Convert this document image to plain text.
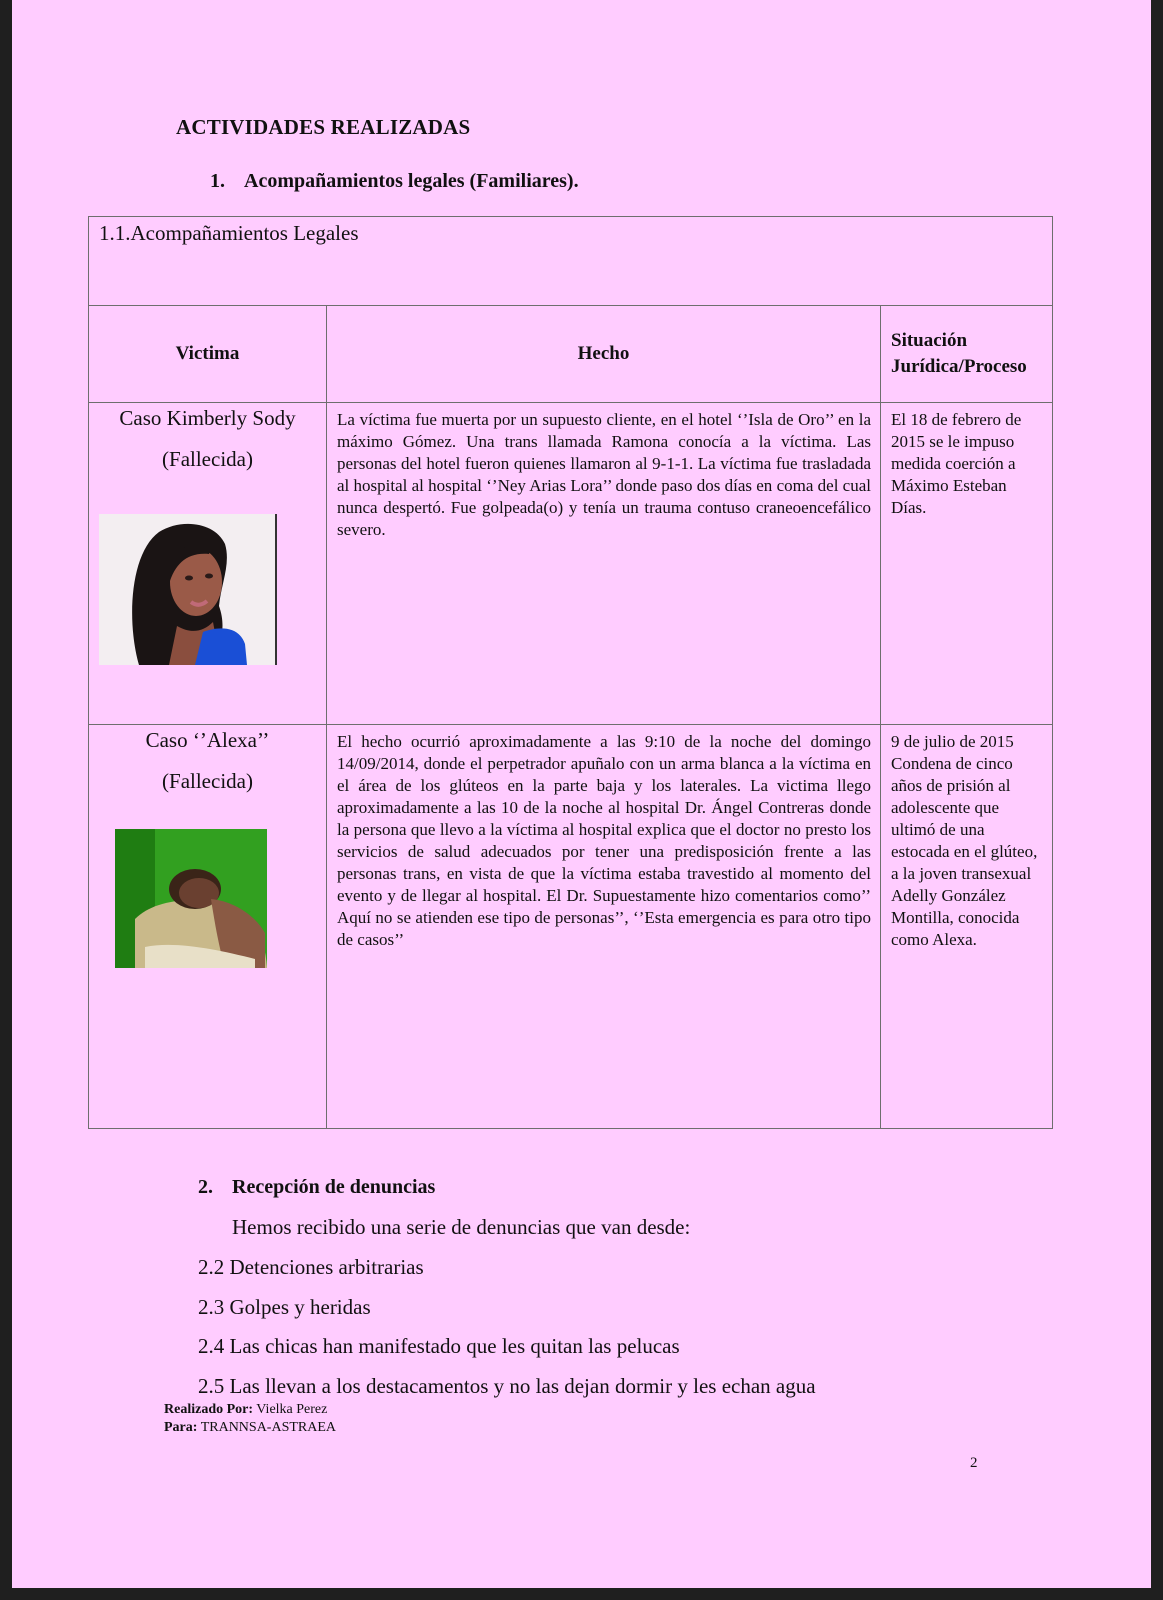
ACTIVIDADES REALIZADAS
1. Acompañamientos legales (Familiares).
1.1.Acompañamientos Legales		
Victima	Hecho	Situación Jurídica/Proceso

Caso Kimberly Sody
(Fallecida)	La víctima fue muerta por un supuesto cliente, en el hotel ‘’Isla de Oro’’ en la máximo Gómez. Una trans llamada Ramona conocía a la víctima. Las personas del hotel fueron quienes llamaron al 9-1-1. La víctima fue trasladada al hospital al hospital ‘’Ney Arias Lora’’ donde paso dos días en coma del cual nunca despertó. Fue golpeada(o) y tenía un trauma contuso craneoencefálico severo.	El 18 de febrero de 2015 se le impuso medida coerción a Máximo Esteban Días.

Caso ‘’Alexa’’
(Fallecida)	El hecho ocurrió aproximadamente a las 9:10 de la noche del domingo 14/09/2014, donde el perpetrador apuñalo con un arma blanca a la víctima en el área de los glúteos en la parte baja y los laterales. La victima llego aproximadamente a las 10 de la noche al hospital Dr. Ángel Contreras donde la persona que llevo a la víctima al hospital explica que el doctor no presto los servicios de salud adecuados por tener una predisposición frente a las personas trans, en vista de que la víctima estaba travestido al momento del evento y de llegar al hospital. El Dr. Supuestamente hizo comentarios como’’ Aquí no se atienden ese tipo de personas’’, ‘’Esta emergencia es para otro tipo de casos’’	9 de julio de 2015 Condena de cinco años de prisión al adolescente que ultimó de una estocada en el glúteo, a la joven transexual Adelly González Montilla, conocida como Alexa.
2. Recepción de denuncias
Hemos recibido una serie de denuncias que van desde:
2.2 Detenciones arbitrarias
2.3 Golpes y heridas
2.4 Las chicas han manifestado que les quitan las pelucas
2.5 Las llevan a los destacamentos y no las dejan dormir y les echan agua
Realizado Por: Vielka Perez
Para: TRANNSA-ASTRAEA
2
